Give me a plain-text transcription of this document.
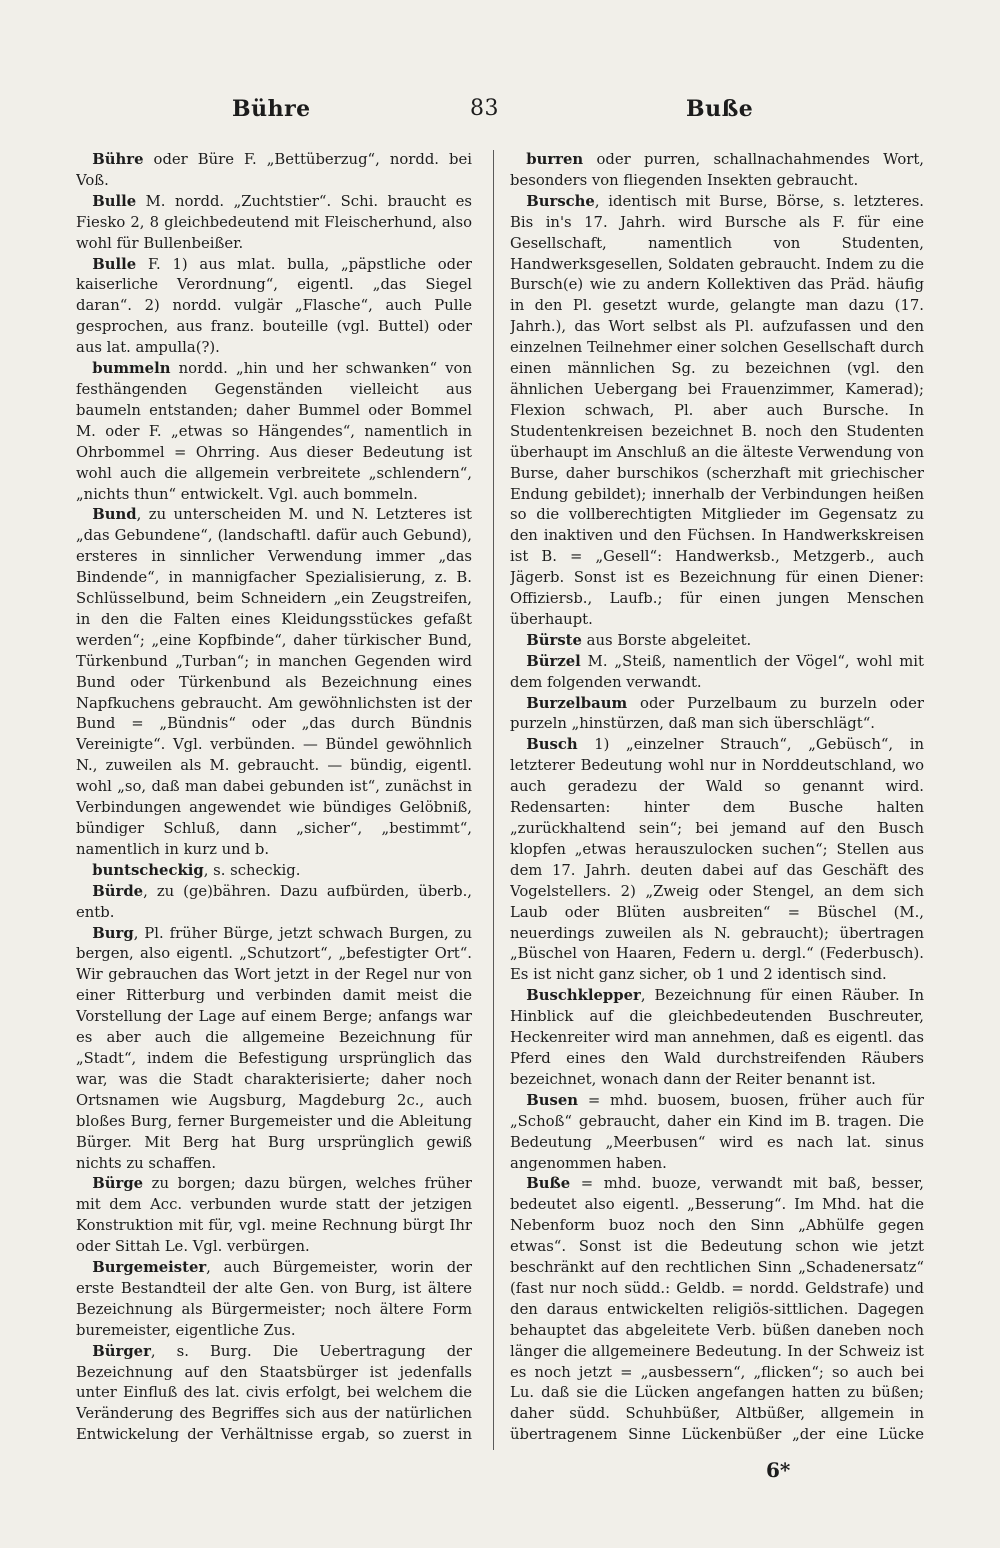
Bühre	83	Buße

Bühre oder Büre F. „Bettüberzug“, nordd. bei Voß.

Bulle M. nordd. „Zuchtstier“. Schi. braucht es Fiesko 2, 8 gleichbedeutend mit Fleischerhund, also wohl für Bullenbeißer.

Bulle F. 1) aus mlat. bulla, „päpstliche oder kaiserliche Verordnung“, eigentl. „das Siegel daran“. 2) nordd. vulgär „Flasche“, auch Pulle gesprochen, aus franz. bouteille (vgl. Buttel) oder aus lat. ampulla(?).

bummeln nordd. „hin und her schwanken“ von festhängenden Gegenständen vielleicht aus baumeln entstanden; daher Bummel oder Bommel M. oder F. „etwas so Hängendes“, namentlich in Ohrbommel = Ohrring. Aus dieser Bedeutung ist wohl auch die allgemein verbreitete „schlendern“, „nichts thun“ entwickelt. Vgl. auch bommeln.

Bund, zu unterscheiden M. und N. Letzteres ist „das Gebundene“, (landschaftl. dafür auch Gebund), ersteres in sinnlicher Verwendung immer „das Bindende“, in mannigfacher Spezialisierung, z. B. Schlüsselbund, beim Schneidern „ein Zeugstreifen, in den die Falten eines Kleidungsstückes gefaßt werden“; „eine Kopfbinde“, daher türkischer Bund, Türkenbund „Turban“; in manchen Gegenden wird Bund oder Türkenbund als Bezeichnung eines Napfkuchens gebraucht. Am gewöhnlichsten ist der Bund = „Bündnis“ oder „das durch Bündnis Vereinigte“. Vgl. verbünden. — Bündel gewöhnlich N., zuweilen als M. gebraucht. — bündig, eigentl. wohl „so, daß man dabei gebunden ist“, zunächst in Verbindungen angewendet wie bündiges Gelöbniß, bündiger Schluß, dann „sicher“, „bestimmt“, namentlich in kurz und b.

buntscheckig, s. scheckig.

Bürde, zu (ge)bähren. Dazu aufbürden, überb., entb.

Burg, Pl. früher Bürge, jetzt schwach Burgen, zu bergen, also eigentl. „Schutzort“, „befestigter Ort“. Wir gebrauchen das Wort jetzt in der Regel nur von einer Ritterburg und verbinden damit meist die Vorstellung der Lage auf einem Berge; anfangs war es aber auch die allgemeine Bezeichnung für „Stadt“, indem die Befestigung ursprünglich das war, was die Stadt charakterisierte; daher noch Ortsnamen wie Augsburg, Magdeburg 2c., auch bloßes Burg, ferner Burgemeister und die Ableitung Bürger. Mit Berg hat Burg ursprünglich gewiß nichts zu schaffen.

Bürge zu borgen; dazu bürgen, welches früher mit dem Acc. verbunden wurde statt der jetzigen Konstruktion mit für, vgl. meine Rechnung bürgt Ihr oder Sittah Le. Vgl. verbürgen.

Burgemeister, auch Bürgemeister, worin der erste Bestandteil der alte Gen. von Burg, ist ältere Bezeichnung als Bürgermeister; noch ältere Form buremeister, eigentliche Zus.

Bürger, s. Burg. Die Uebertragung der Bezeichnung auf den Staatsbürger ist jedenfalls unter Einfluß des lat. civis erfolgt, bei welchem die Veränderung des Begriffes sich aus der natürlichen Entwickelung der Verhältnisse ergab, so zuerst in

burren oder purren, schallnachahmendes Wort, besonders von fliegenden Insekten gebraucht.

Bursche, identisch mit Burse, Börse, s. letzteres. Bis in's 17. Jahrh. wird Bursche als F. für eine Gesellschaft, namentlich von Studenten, Handwerksgesellen, Soldaten gebraucht. Indem zu die Bursch(e) wie zu andern Kollektiven das Präd. häufig in den Pl. gesetzt wurde, gelangte man dazu (17. Jahrh.), das Wort selbst als Pl. aufzufassen und den einzelnen Teilnehmer einer solchen Gesellschaft durch einen männlichen Sg. zu bezeichnen (vgl. den ähnlichen Uebergang bei Frauenzimmer, Kamerad); Flexion schwach, Pl. aber auch Bursche. In Studentenkreisen bezeichnet B. noch den Studenten überhaupt im Anschluß an die älteste Verwendung von Burse, daher burschikos (scherzhaft mit griechischer Endung gebildet); innerhalb der Verbindungen heißen so die vollberechtigten Mitglieder im Gegensatz zu den inaktiven und den Füchsen. In Handwerkskreisen ist B. = „Gesell“: Handwerksb., Metzgerb., auch Jägerb. Sonst ist es Bezeichnung für einen Diener: Offiziersb., Laufb.; für einen jungen Menschen überhaupt.

Bürste aus Borste abgeleitet.

Bürzel M. „Steiß, namentlich der Vögel“, wohl mit dem folgenden verwandt.

Burzelbaum oder Purzelbaum zu burzeln oder purzeln „hinstürzen, daß man sich überschlägt“.

Busch 1) „einzelner Strauch“, „Gebüsch“, in letzterer Bedeutung wohl nur in Norddeutschland, wo auch geradezu der Wald so genannt wird. Redensarten: hinter dem Busche halten „zurückhaltend sein“; bei jemand auf den Busch klopfen „etwas herauszulocken suchen“; Stellen aus dem 17. Jahrh. deuten dabei auf das Geschäft des Vogelstellers. 2) „Zweig oder Stengel, an dem sich Laub oder Blüten ausbreiten“ = Büschel (M., neuerdings zuweilen als N. gebraucht); übertragen „Büschel von Haaren, Federn u. dergl.“ (Federbusch). Es ist nicht ganz sicher, ob 1 und 2 identisch sind.

Buschklepper, Bezeichnung für einen Räuber. In Hinblick auf die gleichbedeutenden Buschreuter, Heckenreiter wird man annehmen, daß es eigentl. das Pferd eines den Wald durchstreifenden Räubers bezeichnet, wonach dann der Reiter benannt ist.

Busen = mhd. buosem, buosen, früher auch für „Schoß“ gebraucht, daher ein Kind im B. tragen. Die Bedeutung „Meerbusen“ wird es nach lat. sinus angenommen haben.

Buße = mhd. buoze, verwandt mit baß, besser, bedeutet also eigentl. „Besserung“. Im Mhd. hat die Nebenform buoz noch den Sinn „Abhülfe gegen etwas“. Sonst ist die Bedeutung schon wie jetzt beschränkt auf den rechtlichen Sinn „Schadenersatz“ (fast nur noch südd.: Geldb. = nordd. Geldstrafe) und den daraus entwickelten religiös-sittlichen. Dagegen behauptet das abgeleitete Verb. büßen daneben noch länger die allgemeinere Bedeutung. In der Schweiz ist es noch jetzt = „ausbessern“, „flicken“; so auch bei Lu. daß sie die Lücken angefangen hatten zu büßen; daher südd. Schuhbüßer, Altbüßer, allgemein in übertragenem Sinne Lückenbüßer „der eine Lücke

6*
